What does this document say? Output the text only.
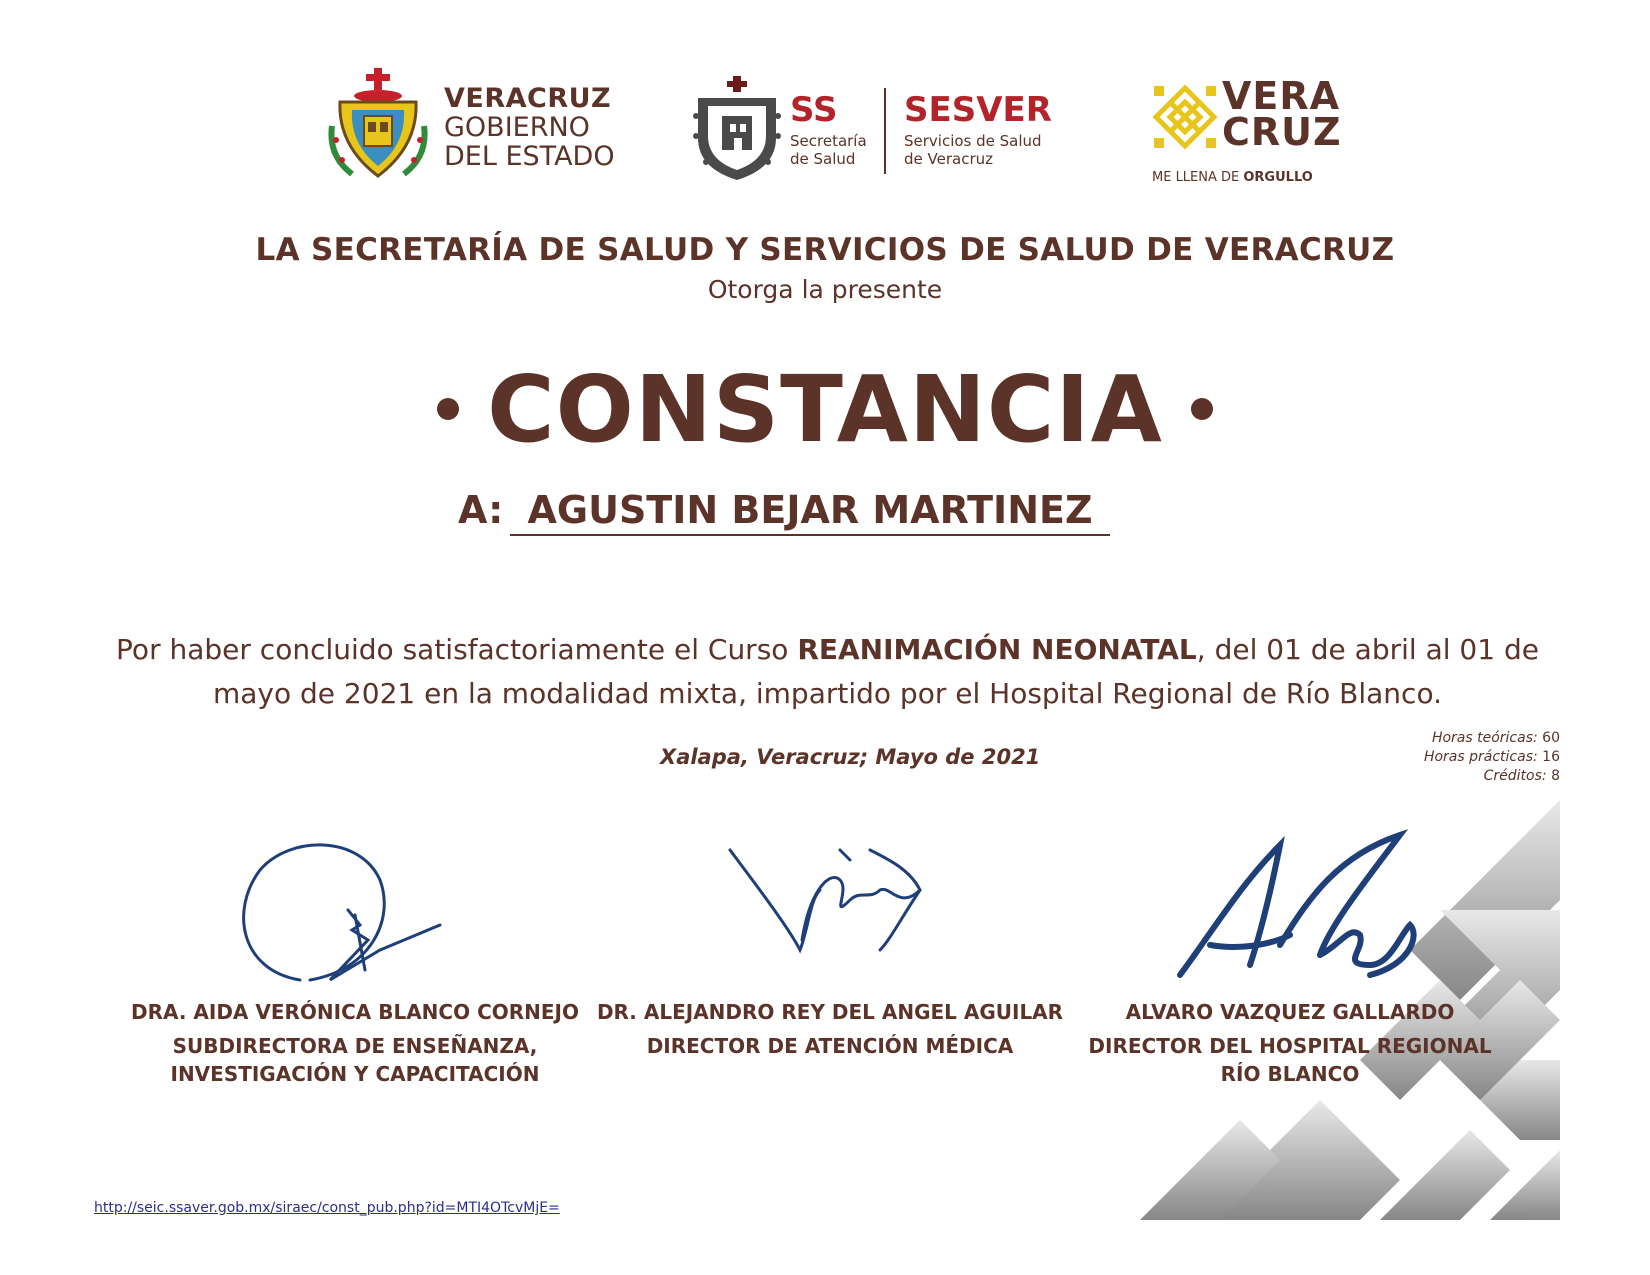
VERACRUZ
GOBIERNO
DEL ESTADO
SS
Secretaría
de Salud
SESVER
Servicios de Salud
de Veracruz
VERA
CRUZ
ME LLENA DE ORGULLO
LA SECRETARÍA DE SALUD Y SERVICIOS DE SALUD DE VERACRUZ
Otorga la presente
CONSTANCIA
A: AGUSTIN BEJAR MARTINEZ
Por haber concluido satisfactoriamente el Curso REANIMACIÓN NEONATAL, del 01 de abril al 01 de mayo de 2021 en la modalidad mixta, impartido por el Hospital Regional de Río Blanco.
Xalapa, Veracruz; Mayo de 2021
Horas teóricas: 60
Horas prácticas: 16
Créditos: 8
DRA. AIDA VERÓNICA BLANCO CORNEJO
SUBDIRECTORA DE ENSEÑANZA, INVESTIGACIÓN Y CAPACITACIÓN
DR. ALEJANDRO REY DEL ANGEL AGUILAR
DIRECTOR DE ATENCIÓN MÉDICA
ALVARO VAZQUEZ GALLARDO
DIRECTOR DEL HOSPITAL REGIONAL RÍO BLANCO
http://seic.ssaver.gob.mx/siraec/const_pub.php?id=MTI4OTcvMjE=
